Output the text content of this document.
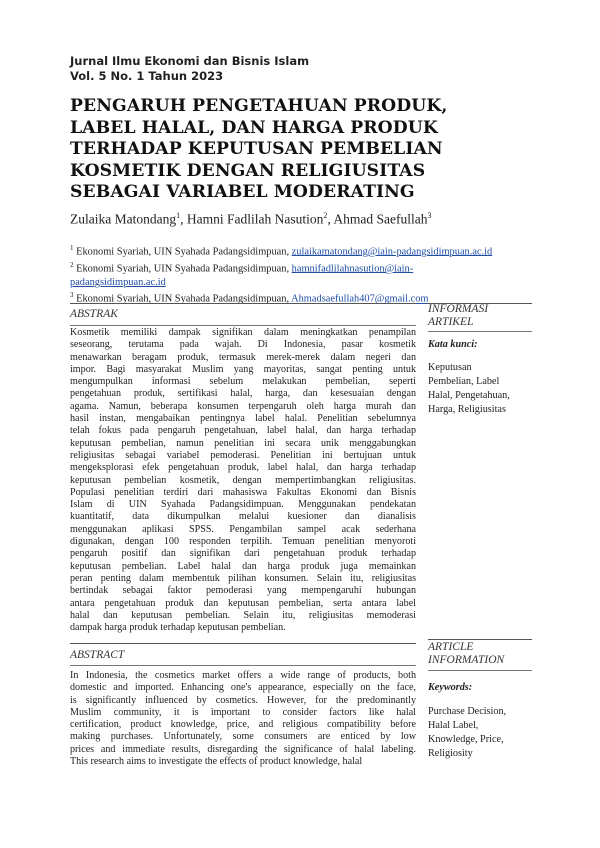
Jurnal Ilmu Ekonomi dan Bisnis Islam
Vol. 5 No. 1 Tahun 2023
PENGARUH PENGETAHUAN PRODUK,
LABEL HALAL, DAN HARGA PRODUK
TERHADAP KEPUTUSAN PEMBELIAN
KOSMETIK DENGAN RELIGIUSITAS
SEBAGAI VARIABEL MODERATING
Zulaika Matondang$^1$, Hamni Fadlilah Nasution$^2$, Ahmad Saefullah$^3$
$^1$ Ekonomi Syariah, UIN Syahada Padangsidimpuan, zulaikamatondang@iain-padangsidimpuan.ac.id
$^2$ Ekonomi Syariah, UIN Syahada Padangsidimpuan, hamnifadlilahnasution@iain-
padangsidimpuan.ac.id
$^3$ Ekonomi Syariah, UIN Syahada Padangsidimpuan, Ahmadsaefullah407@gmail.com
ABSTRAK	INFORMASI
ARTIKEL
Kosmetik memiliki dampak signifikan dalam meningkatkan penampilan
seseorang, terutama pada wajah. Di Indonesia, pasar kosmetik
menawarkan beragam produk, termasuk merek-merek dalam negeri dan
impor. Bagi masyarakat Muslim yang mayoritas, sangat penting untuk
mengumpulkan informasi sebelum melakukan pembelian, seperti
pengetahuan produk, sertifikasi halal, harga, dan kesesuaian dengan
agama. Namun, beberapa konsumen terpengaruh oleh harga murah dan
hasil instan, mengabaikan pentingnya label halal. Penelitian sebelumnya
telah fokus pada pengaruh pengetahuan, label halal, dan harga terhadap
keputusan pembelian, namun penelitian ini secara unik menggabungkan
religiusitas sebagai variabel pemoderasi. Penelitian ini bertujuan untuk
mengeksplorasi efek pengetahuan produk, label halal, dan harga terhadap
keputusan pembelian kosmetik, dengan mempertimbangkan religiusitas.
Populasi penelitian terdiri dari mahasiswa Fakultas Ekonomi dan Bisnis
Islam di UIN Syahada Padangsidimpuan. Menggunakan pendekatan
kuantitatif, data dikumpulkan melalui kuesioner dan dianalisis
menggunakan aplikasi SPSS. Pengambilan sampel acak sederhana
digunakan, dengan 100 responden terpilih. Temuan penelitian menyoroti
pengaruh positif dan signifikan dari pengetahuan produk terhadap
keputusan pembelian. Label halal dan harga produk juga memainkan
peran penting dalam membentuk pilihan konsumen. Selain itu, religiusitas
bertindak sebagai faktor pemoderasi yang mempengaruhi hubungan
antara pengetahuan produk dan keputusan pembelian, serta antara label
halal dan keputusan pembelian. Selain itu, religiusitas memoderasi
dampak harga produk terhadap keputusan pembelian.
Kata kunci:
Keputusan
Pembelian, Label
Halal, Pengetahuan,
Harga, Religiusitas
ABSTRACT
ARTICLE
INFORMATION
In Indonesia, the cosmetics market offers a wide range of products, both
domestic and imported. Enhancing one's appearance, especially on the face,
is significantly influenced by cosmetics. However, for the predominantly
Muslim community, it is important to consider factors like halal
certification, product knowledge, price, and religious compatibility before
making purchases. Unfortunately, some consumers are enticed by low
prices and immediate results, disregarding the significance of halal labeling.
This research aims to investigate the effects of product knowledge, halal
Keywords:
Purchase Decision,
Halal Label,
Knowledge, Price,
Religiosity
